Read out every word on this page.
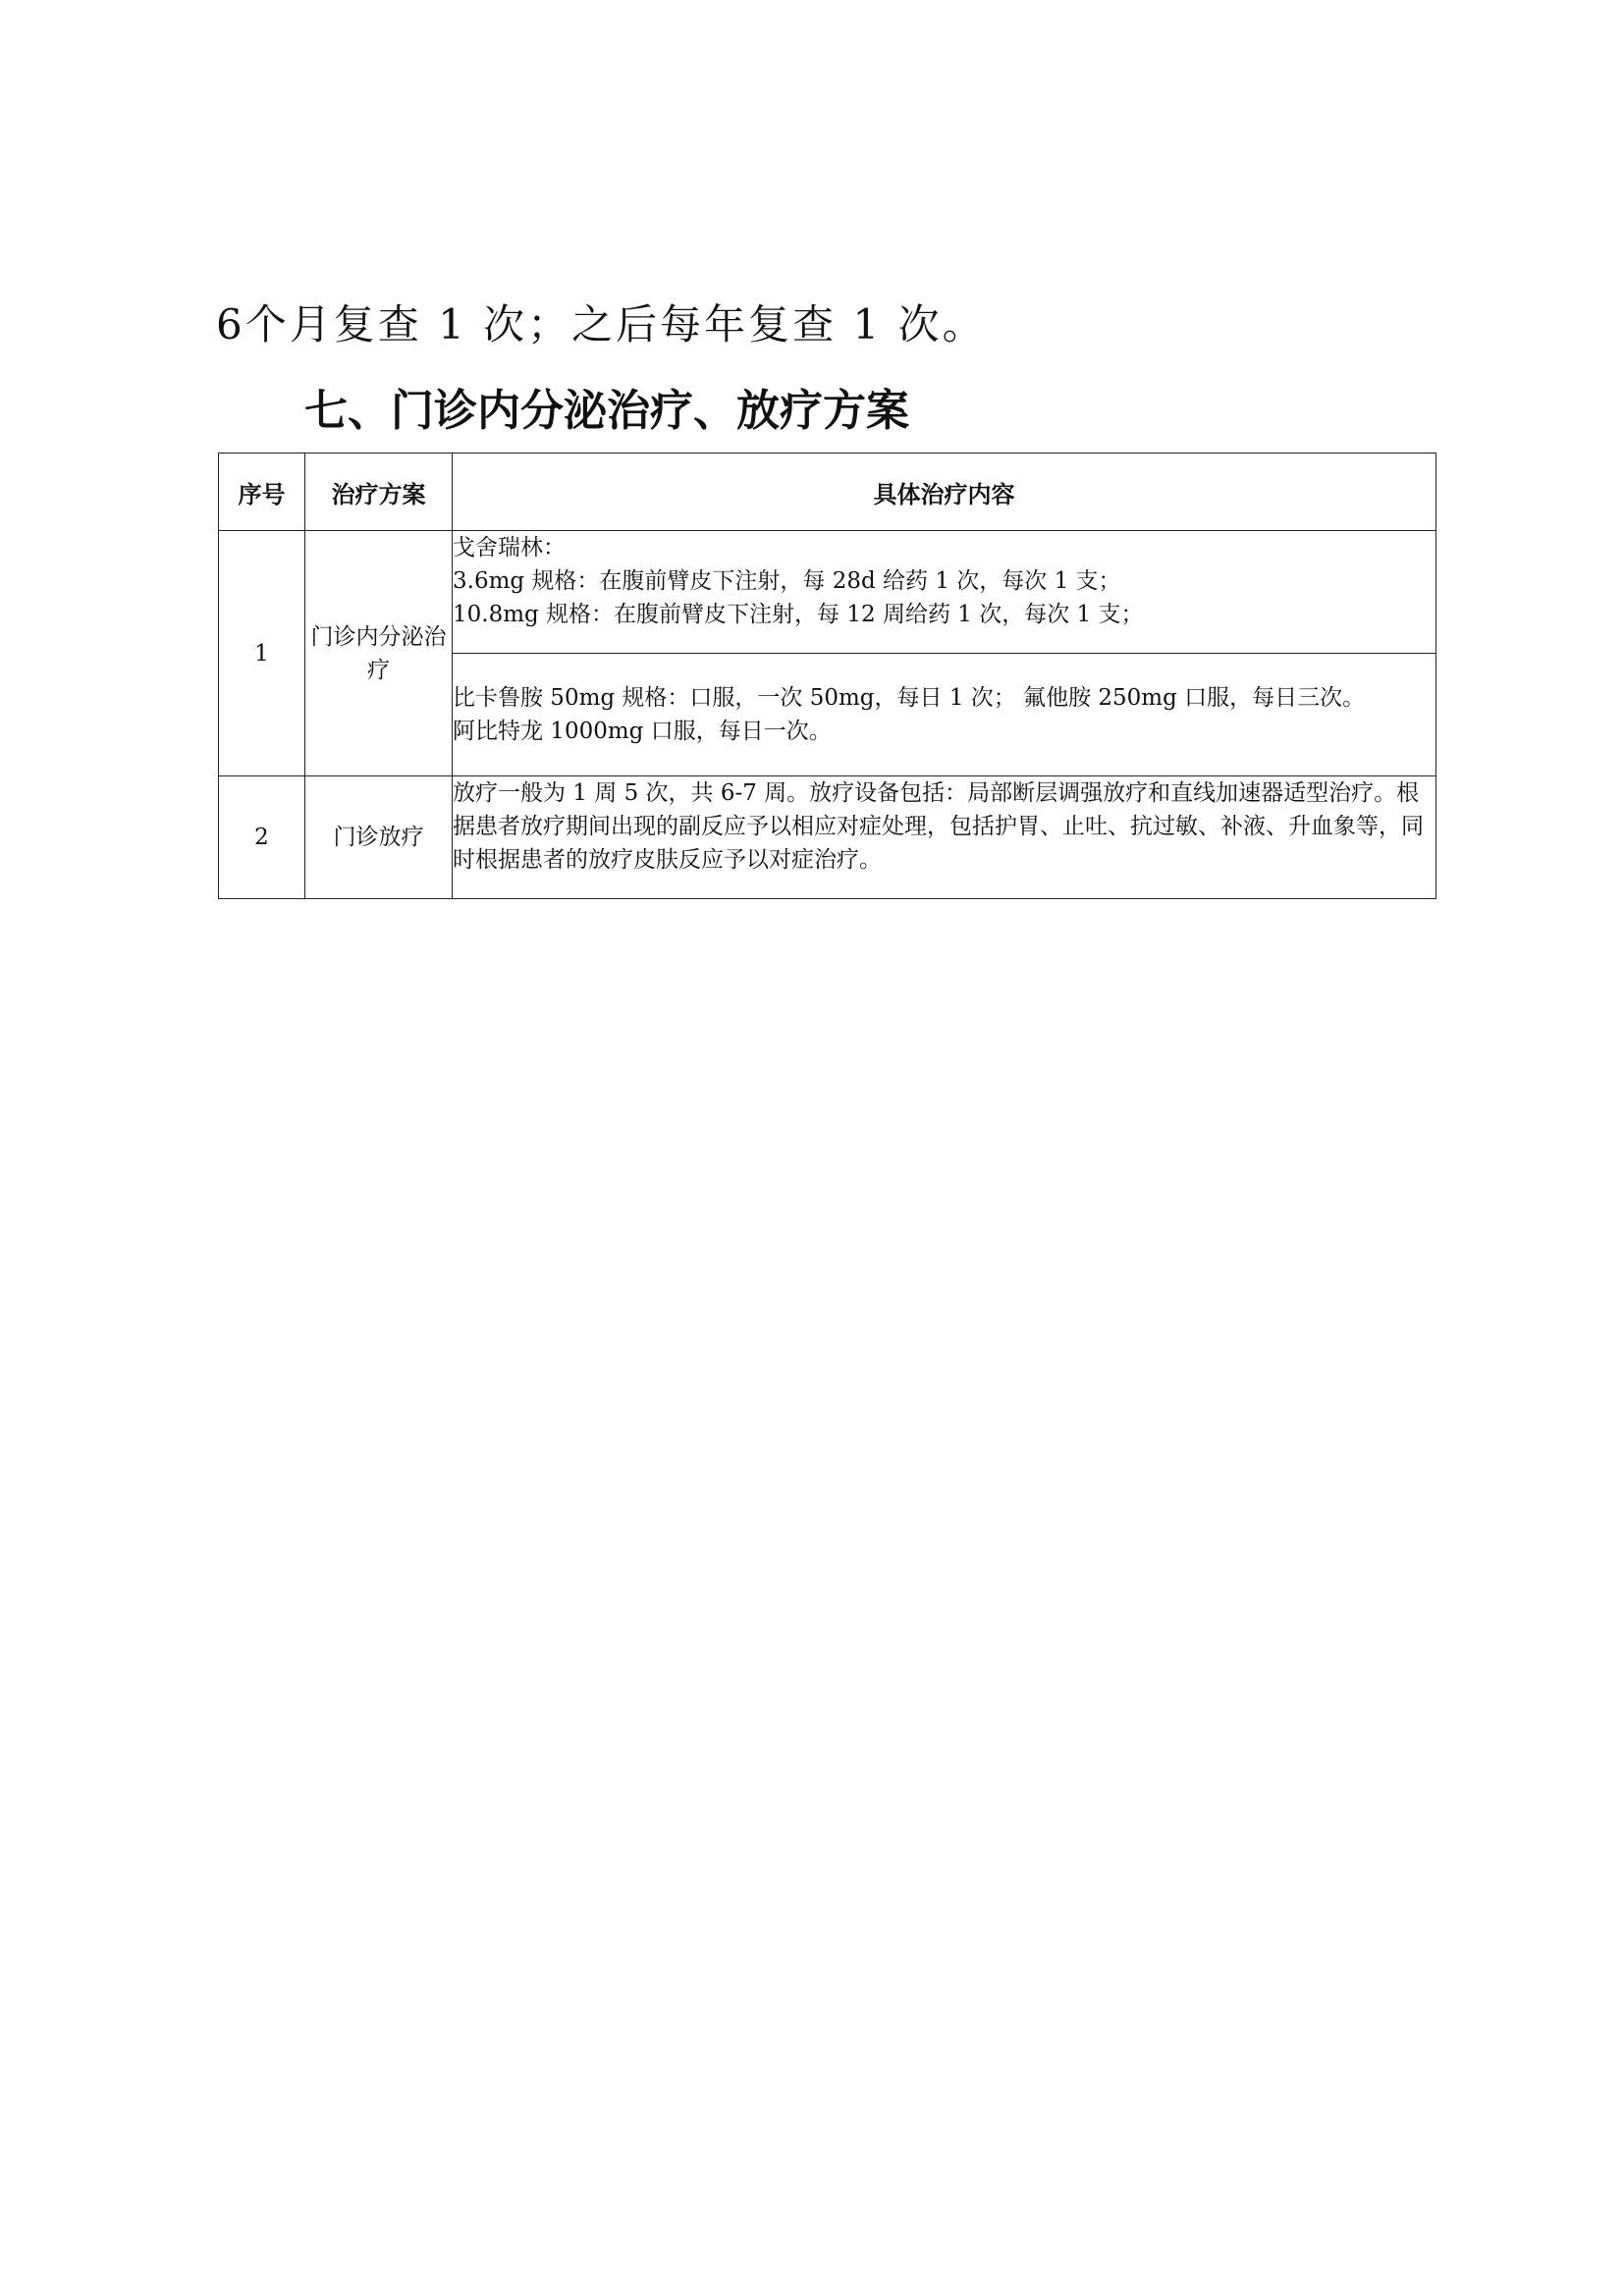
6个月复查 1 次；之后每年复查 1 次。
七、门诊内分泌治疗、放疗方案
序号	治疗方案	具体治疗内容
1	门诊内分泌治疗	戈舍瑞林：
3.6mg 规格：在腹前臂皮下注射，每 28d 给药 1 次，每次 1 支；
10.8mg 规格：在腹前臂皮下注射，每 12 周给药 1 次，每次 1 支；

		比卡鲁胺 50mg 规格：口服，一次 50mg，每日 1 次； 氟他胺 250mg 口服，每日三次。
阿比特龙 1000mg 口服，每日一次。

2	门诊放疗	放疗一般为 1 周 5 次，共 6-7 周。放疗设备包括：局部断层调强放疗和直线加速器适型治疗。根据患者放疗期间出现的副反应予以相应对症处理，包括护胃、止吐、抗过敏、补液、升血象等，同时根据患者的放疗皮肤反应予以对症治疗。
